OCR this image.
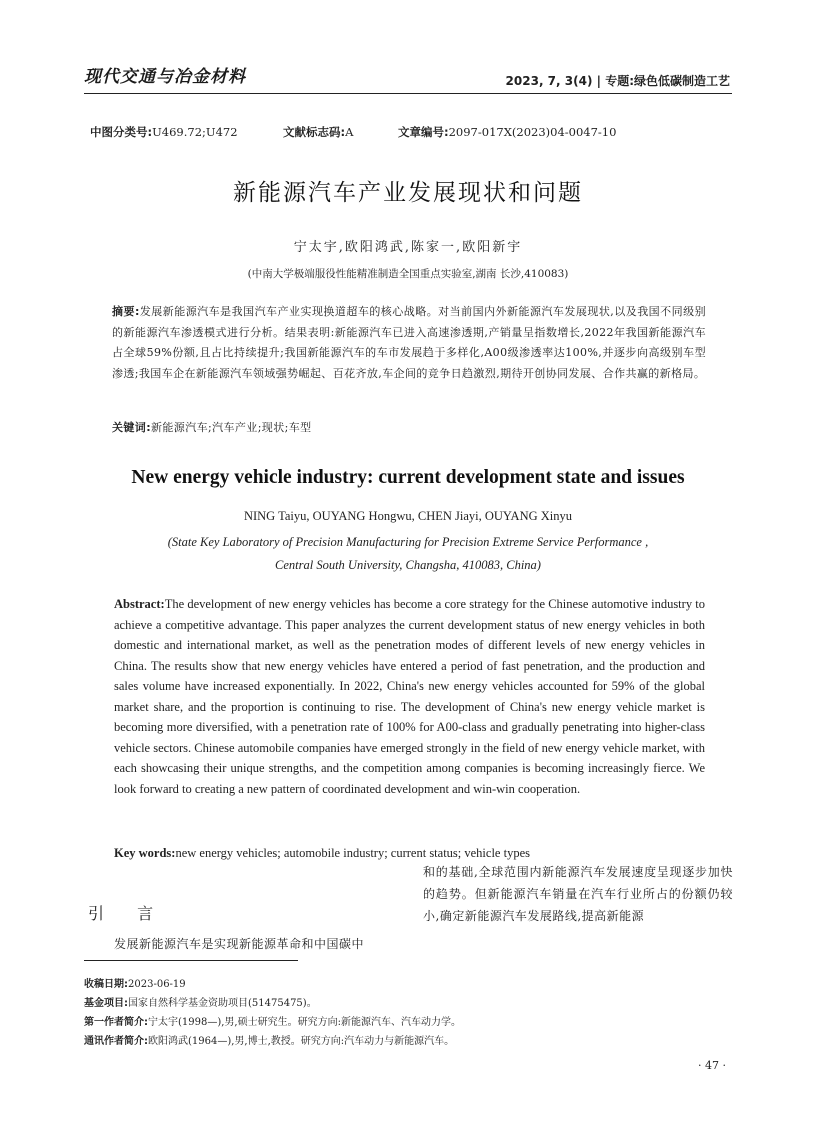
现代交通与冶金材料	2023, 7, 3(4) | 专题:绿色低碳制造工艺
中图分类号:U469.72;U472	文献标志码:A	文章编号:2097-017X(2023)04-0047-10
新能源汽车产业发展现状和问题
宁太宇,欧阳鸿武,陈家一,欧阳新宇
(中南大学极端服役性能精准制造全国重点实验室,湖南 长沙,410083)
摘要:发展新能源汽车是我国汽车产业实现换道超车的核心战略。对当前国内外新能源汽车发展现状,以及我国不同级别的新能源汽车渗透模式进行分析。结果表明:新能源汽车已进入高速渗透期,产销量呈指数增长,2022年我国新能源汽车占全球59%份额,且占比持续提升;我国新能源汽车的车市发展趋于多样化,A00级渗透率达100%,并逐步向高级别车型渗透;我国车企在新能源汽车领域强势崛起、百花齐放,车企间的竞争日趋激烈,期待开创协同发展、合作共赢的新格局。
关键词:新能源汽车;汽车产业;现状;车型
New energy vehicle industry: current development state and issues
NING Taiyu, OUYANG Hongwu, CHEN Jiayi, OUYANG Xinyu
(State Key Laboratory of Precision Manufacturing for Precision Extreme Service Performance ,
Central South University, Changsha, 410083, China)
Abstract:The development of new energy vehicles has become a core strategy for the Chinese automotive industry to achieve a competitive advantage. This paper analyzes the current development status of new energy vehicles in both domestic and international market, as well as the penetration modes of different levels of new energy vehicles in China. The results show that new energy vehicles have entered a period of fast penetration, and the production and sales volume have increased exponentially. In 2022, China's new energy vehicles accounted for 59% of the global market share, and the proportion is continuing to rise. The development of China's new energy vehicle market is becoming more diversified, with a penetration rate of 100% for A00-class and gradually penetrating into higher-class vehicle sectors. Chinese automobile companies have emerged strongly in the field of new energy vehicle market, with each showcasing their unique strengths, and the competition among companies is becoming increasingly fierce. We look forward to creating a new pattern of coordinated development and win-win cooperation.
Key words:new energy vehicles; automobile industry; current status; vehicle types
引 言
发展新能源汽车是实现新能源革命和中国碳中
和的基础,全球范围内新能源汽车发展速度呈现逐步加快的趋势。但新能源汽车销量在汽车行业所占的份额仍较小,确定新能源汽车发展路线,提高新能源
收稿日期:2023-06-19
基金项目:国家自然科学基金资助项目(51475475)。
第一作者简介:宁太宇(1998—),男,硕士研究生。研究方向:新能源汽车、汽车动力学。
通讯作者简介:欧阳鸿武(1964—),男,博士,教授。研究方向:汽车动力与新能源汽车。
· 47 ·
